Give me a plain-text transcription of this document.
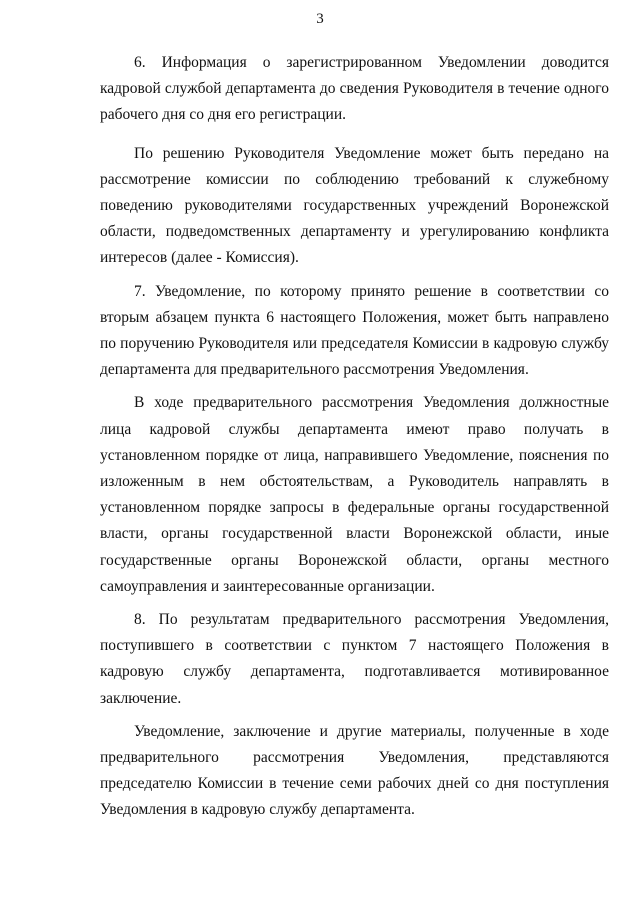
3

6. Информация о зарегистрированном Уведомлении доводится кадровой службой департамента до сведения Руководителя в течение одного рабочего дня со дня его регистрации.

По решению Руководителя Уведомление может быть передано на рассмотрение комиссии по соблюдению требований к служебному поведению руководителями государственных учреждений Воронежской области, подведомственных департаменту и урегулированию конфликта интересов (далее - Комиссия).

7. Уведомление, по которому принято решение в соответствии со вторым абзацем пункта 6 настоящего Положения, может быть направлено по поручению Руководителя или председателя Комиссии в кадровую службу департамента для предварительного рассмотрения Уведомления.

В ходе предварительного рассмотрения Уведомления должностные лица кадровой службы департамента имеют право получать в установленном порядке от лица, направившего Уведомление, пояснения по изложенным в нем обстоятельствам, а Руководитель направлять в установленном порядке запросы в федеральные органы государственной власти, органы государственной власти Воронежской области, иные государственные органы Воронежской области, органы местного самоуправления и заинтересованные организации.

8. По результатам предварительного рассмотрения Уведомления, поступившего в соответствии с пунктом 7 настоящего Положения в кадровую службу департамента, подготавливается мотивированное заключение.

Уведомление, заключение и другие материалы, полученные в ходе предварительного рассмотрения Уведомления, представляются председателю Комиссии в течение семи рабочих дней со дня поступления Уведомления в кадровую службу департамента.
